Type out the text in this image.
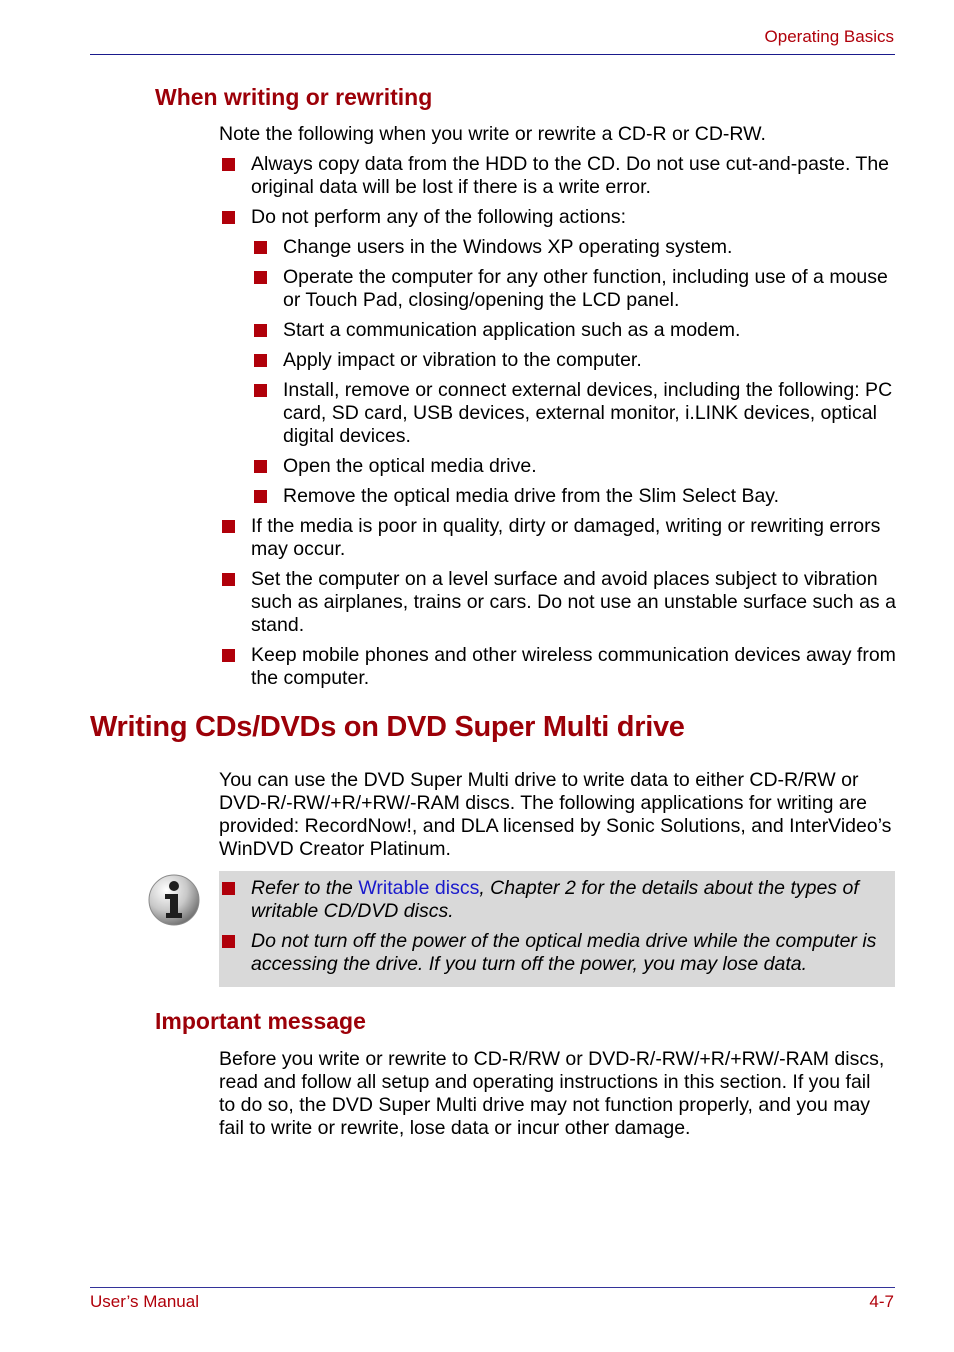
Operating Basics
When writing or rewriting
Note the following when you write or rewrite a CD-R or CD-RW.
Always copy data from the HDD to the CD. Do not use cut-and-paste. The original data will be lost if there is a write error.
Do not perform any of the following actions:
Change users in the Windows XP operating system.
Operate the computer for any other function, including use of a mouse or Touch Pad, closing/opening the LCD panel.
Start a communication application such as a modem.
Apply impact or vibration to the computer.
Install, remove or connect external devices, including the following: PC card, SD card, USB devices, external monitor, i.LINK devices, optical digital devices.
Open the optical media drive.
Remove the optical media drive from the Slim Select Bay.
If the media is poor in quality, dirty or damaged, writing or rewriting errors may occur.
Set the computer on a level surface and avoid places subject to vibration such as airplanes, trains or cars. Do not use an unstable surface such as a stand.
Keep mobile phones and other wireless communication devices away from the computer.
Writing CDs/DVDs on DVD Super Multi drive
You can use the DVD Super Multi drive to write data to either CD-R/RW or DVD-R/-RW/+R/+RW/-RAM discs. The following applications for writing are provided: RecordNow!, and DLA licensed by Sonic Solutions, and InterVideo’s WinDVD Creator Platinum.
Refer to the Writable discs, Chapter 2 for the details about the types of writable CD/DVD discs.
Do not turn off the power of the optical media drive while the computer is accessing the drive. If you turn off the power, you may lose data.
Important message
Before you write or rewrite to CD-R/RW or DVD-R/-RW/+R/+RW/-RAM discs, read and follow all setup and operating instructions in this section. If you fail to do so, the DVD Super Multi drive may not function properly, and you may fail to write or rewrite, lose data or incur other damage.
User’s Manual	4-7
